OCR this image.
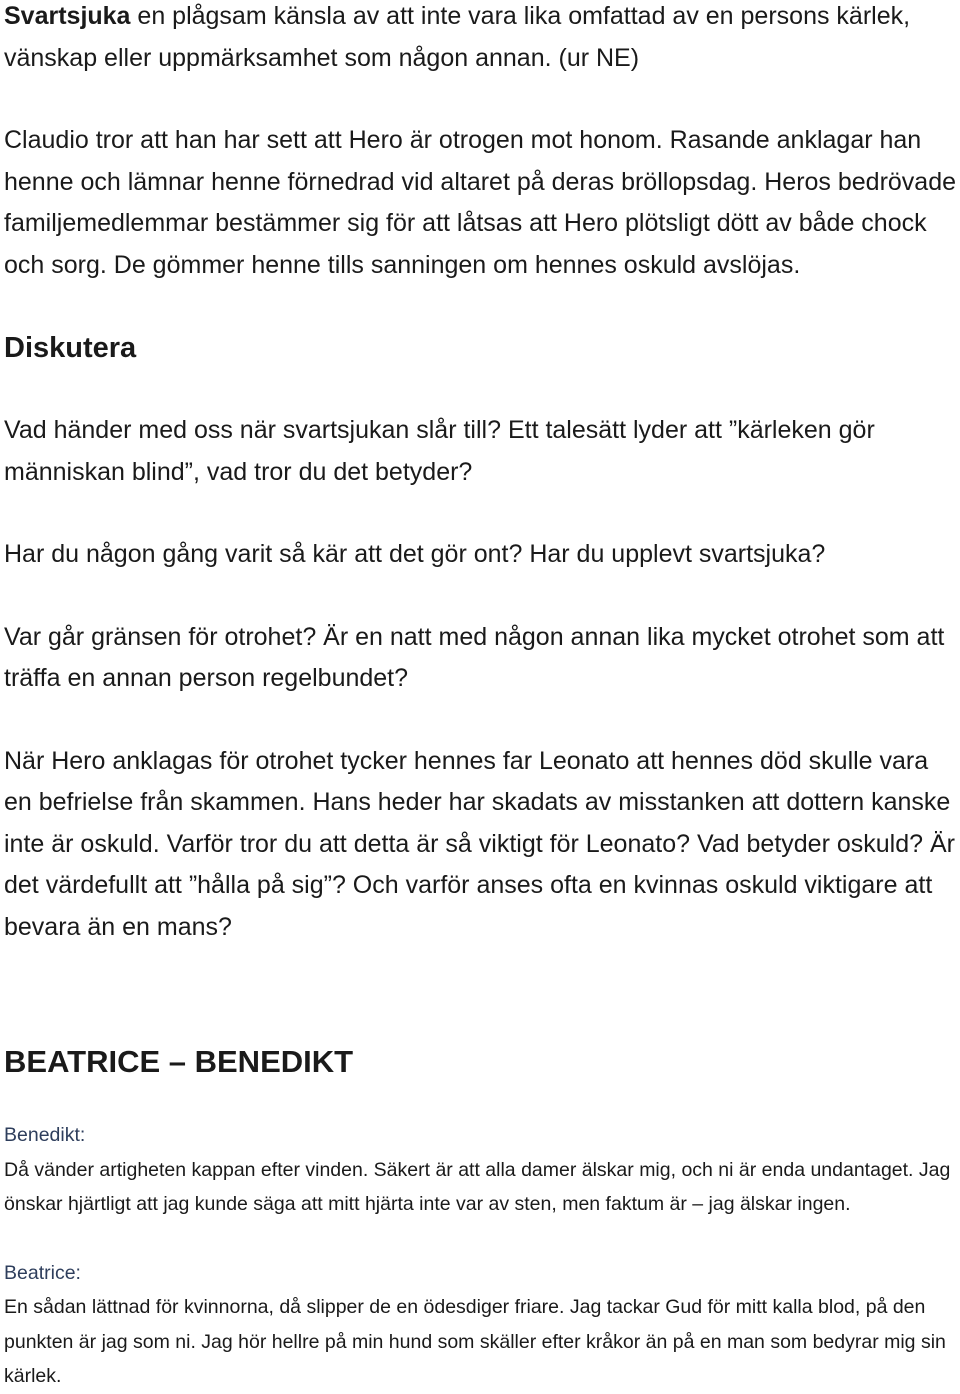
Svartsjuka en plågsam känsla av att inte vara lika omfattad av en persons kärlek, vänskap eller uppmärksamhet som någon annan. (ur NE)

Claudio tror att han har sett att Hero är otrogen mot honom. Rasande anklagar han henne och lämnar henne förnedrad vid altaret på deras bröllopsdag. Heros bedrövade familjemedlemmar bestämmer sig för att låtsas att Hero plötsligt dött av både chock och sorg. De gömmer henne tills sanningen om hennes oskuld avslöjas.

Diskutera

Vad händer med oss när svartsjukan slår till? Ett talesätt lyder att ”kärleken gör människan blind”, vad tror du det betyder?

Har du någon gång varit så kär att det gör ont? Har du upplevt svartsjuka?

Var går gränsen för otrohet? Är en natt med någon annan lika mycket otrohet som att träffa en annan person regelbundet?

När Hero anklagas för otrohet tycker hennes far Leonato att hennes död skulle vara en befrielse från skammen. Hans heder har skadats av misstanken att dottern kanske inte är oskuld. Varför tror du att detta är så viktigt för Leonato? Vad betyder oskuld? Är det värdefullt att ”hålla på sig”? Och varför anses ofta en kvinnas oskuld viktigare att bevara än en mans?

BEATRICE – BENEDIKT

Benedikt:

Då vänder artigheten kappan efter vinden. Säkert är att alla damer älskar mig, och ni är enda undantaget. Jag önskar hjärtligt att jag kunde säga att mitt hjärta inte var av sten, men faktum är – jag älskar ingen.

Beatrice:

En sådan lättnad för kvinnorna, då slipper de en ödesdiger friare. Jag tackar Gud för mitt kalla blod, på den punkten är jag som ni. Jag hör hellre på min hund som skäller efter kråkor än på en man som bedyrar mig sin kärlek.
